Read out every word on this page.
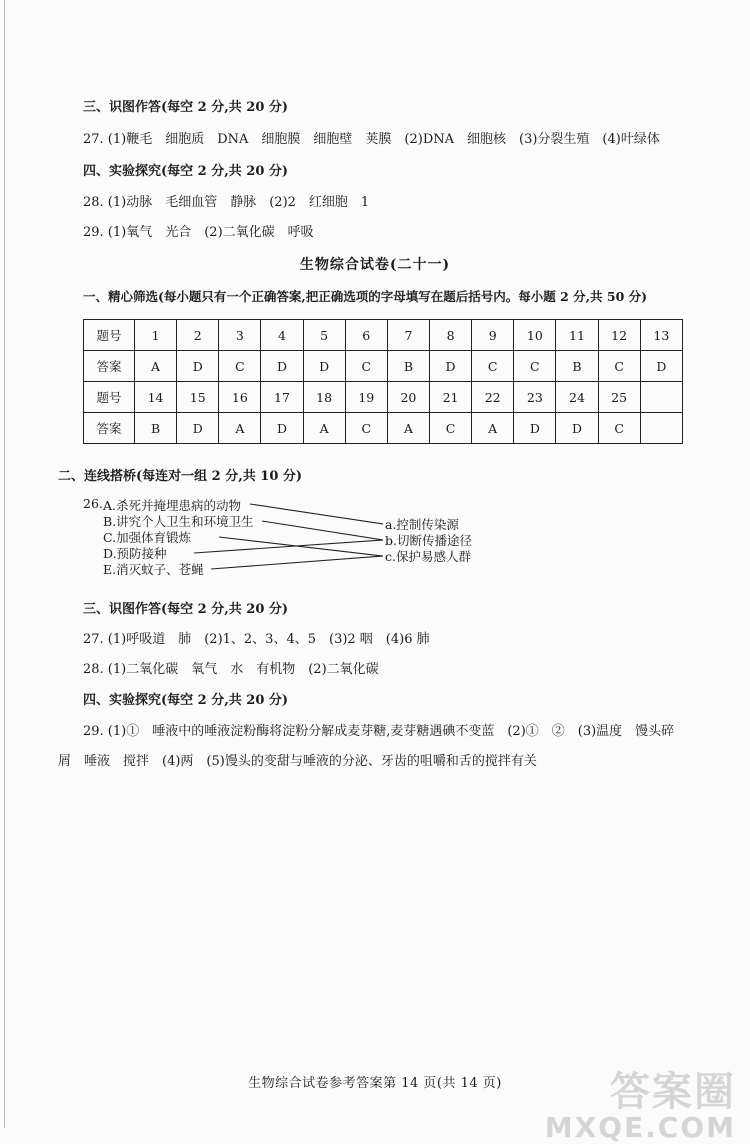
三、识图作答(每空 2 分,共 20 分)
27. (1)鞭毛　细胞质　DNA　细胞膜　细胞壁　荚膜　(2)DNA　细胞核　(3)分裂生殖　(4)叶绿体
四、实验探究(每空 2 分,共 20 分)
28. (1)动脉　毛细血管　静脉　(2)2　红细胞　1
29. (1)氧气　光合　(2)二氧化碳　呼吸
生物综合试卷(二十一)
一、精心筛选(每小题只有一个正确答案,把正确选项的字母填写在题后括号内。每小题 2 分,共 50 分)
题号	1	2	3	4	5	6	7	8	9	10	11	12	13
答案	A	D	C	D	D	C	B	D	C	C	B	C	D
题号	14	15	16	17	18	19	20	21	22	23	24	25	
答案	B	D	A	D	A	C	A	C	A	D	D	C	
二、连线搭桥(每连对一组 2 分,共 10 分)
26. A.杀死并掩埋患病的动物
B.讲究个人卫生和环境卫生
C.加强体育锻炼
D.预防接种
E.消灭蚊子、苍蝇
a.控制传染源
b.切断传播途径
c.保护易感人群
三、识图作答(每空 2 分,共 20 分)
27. (1)呼吸道　肺　(2)1、2、3、4、5　(3)2 咽　(4)6 肺
28. (1)二氧化碳　氧气　水　有机物　(2)二氧化碳
四、实验探究(每空 2 分,共 20 分)
29. (1)①　唾液中的唾液淀粉酶将淀粉分解成麦芽糖,麦芽糖遇碘不变蓝　(2)①　②　(3)温度　馒头碎
屑　唾液　搅拌　(4)两　(5)馒头的变甜与唾液的分泌、牙齿的咀嚼和舌的搅拌有关
生物综合试卷参考答案第 14 页(共 14 页)	答案圈
MXQE.COM
